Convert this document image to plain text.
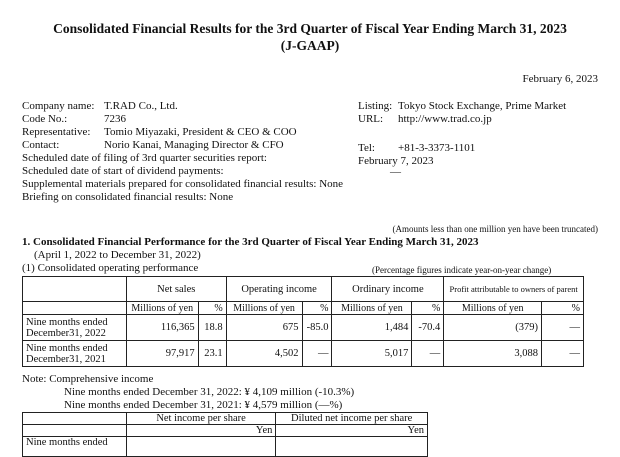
Consolidated Financial Results for the 3rd Quarter of Fiscal Year Ending March 31, 2023
(J-GAAP)
February 6, 2023
Company name: T.RAD Co., Ltd.
Code No.:	7236
Representative: Tomio Miyazaki, President & CEO & COO
Contact:	Norio Kanai, Managing Director & CFO
Scheduled date of filing of 3rd quarter securities report:
Scheduled date of start of dividend payments:
Supplemental materials prepared for consolidated financial results: None
Briefing on consolidated financial results: None
Listing: Tokyo Stock Exchange, Prime Market
URL: http://www.trad.co.jp
Tel: +81-3-3373-1101
February 7, 2023
―
(Amounts less than one million yen have been truncated)
1. Consolidated Financial Performance for the 3rd Quarter of Fiscal Year Ending March 31, 2023
(April 1, 2022 to December 31, 2022)
(1) Consolidated operating performance	(Percentage figures indicate year-on-year change)
	Net sales		Operating income		Ordinary income		Profit attributable to owners of parent	
	Millions of yen	%	Millions of yen	%	Millions of yen	%	Millions of yen	%

Nine months ended
December31, 2022	116,365	18.8	675	-85.0	1,484	-70.4	(379)	―

Nine months ended
December31, 2021	97,917	23.1	4,502	―	5,017	―	3,088	―
Note: Comprehensive income
Nine months ended December 31, 2022: ¥ 4,109 million (-10.3%)
Nine months ended December 31, 2021: ¥ 4,579 million (―%)
	Net income per share	Diluted net income per share
	Yen	Yen
Nine months ended		
